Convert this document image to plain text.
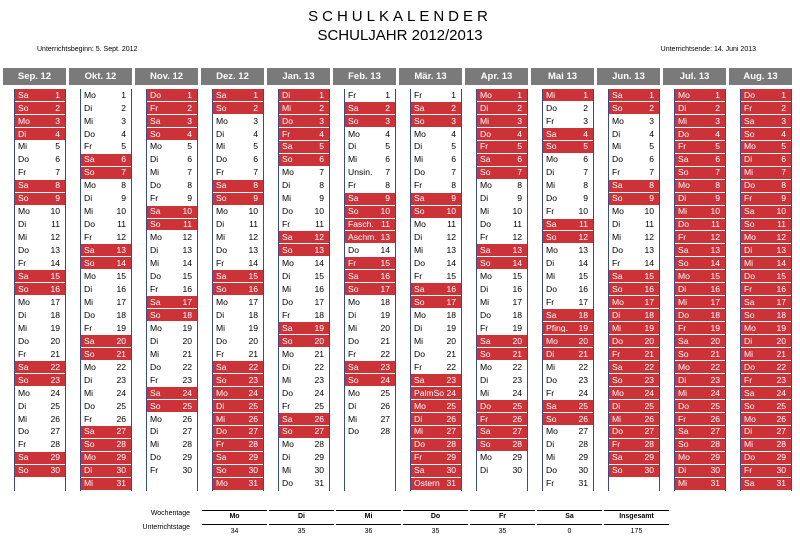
SCHULKALENDER
SCHULJAHR 2012/2013
Unterrichtsbeginn: 5. Sept. 2012	Unterrichtsende: 14. Juni 2013
Sep. 12
Sa	1
So	2
Mo	3
Di	4
Mi	5
Do	6
Fr	7
Sa	8
So	9
Mo	10
Di	11
Mi	12
Do	13
Fr	14
Sa	15
So	16
Mo	17
Di	18
Mi	19
Do	20
Fr	21
Sa	22
So	23
Mo	24
Di	25
Mi	26
Do	27
Fr	28
Sa	29
So	30
Okt. 12
Mo	1
Di	2
Mi	3
Do	4
Fr	5
Sa	6
So	7
Mo	8
Di	9
Mi	10
Do	11
Fr	12
Sa	13
So	14
Mo	15
Di	16
Mi	17
Do	18
Fr	19
Sa	20
So	21
Mo	22
Di	23
Mi	24
Do	25
Fr	26
Sa	27
So	28
Mo	29
Di	30
Mi	31
Nov. 12
Do	1
Fr	2
Sa	3
So	4
Mo	5
Di	6
Mi	7
Do	8
Fr	9
Sa	10
So	11
Mo	12
Di	13
Mi	14
Do	15
Fr	16
Sa	17
So	18
Mo	19
Di	20
Mi	21
Do	22
Fr	23
Sa	24
So	25
Mo	26
Di	27
Mi	28
Do	29
Fr	30
Dez. 12
Sa	1
So	2
Mo	3
Di	4
Mi	5
Do	6
Fr	7
Sa	8
So	9
Mo	10
Di	11
Mi	12
Do	13
Fr	14
Sa	15
So	16
Mo	17
Di	18
Mi	19
Do	20
Fr	21
Sa	22
So	23
Mo	24
Di	25
Mi	26
Do	27
Fr	28
Sa	29
So	30
Mo	31
Jan. 13
Di	1
Mi	2
Do	3
Fr	4
Sa	5
So	6
Mo	7
Di	8
Mi	9
Do	10
Fr	11
Sa	12
So	13
Mo	14
Di	15
Mi	16
Do	17
Fr	18
Sa	19
So	20
Mo	21
Di	22
Mi	23
Do	24
Fr	25
Sa	26
So	27
Mo	28
Di	29
Mi	30
Do	31
Feb. 13
Fr	1
Sa	2
So	3
Mo	4
Di	5
Mi	6
Unsin.	7
Fr	8
Sa	9
So	10
Fasch. 11
Aschm. 13
Do	14
Fr	15
Sa	16
So	17
Mo	18
Di	19
Mi	20
Do	21
Fr	22
Sa	23
So	24
Mo	25
Di	26
Mi	27
Do	28
Mär. 13
Fr	1
Sa	2
So	3
Mo	4
Di	5
Mi	6
Do	7
Fr	8
Sa	9
So	10
Mo	11
Di	12
Mi	13
Do	14
Fr	15
Sa	16
So	17
Mo	18
Di	19
Mi	20
Do	21
Fr	22
Sa	23
PalmSo 24
Mo	25
Di	26
Mi	27
Do	28
Fr	29
Sa	30
Ostern 31
Apr. 13
Mo	1
Di	2
Mi	3
Do	4
Fr	5
Sa	6
So	7
Mo	8
Di	9
Mi	10
Do	11
Fr	12
Sa	13
So	14
Mo	15
Di	16
Mi	17
Do	18
Fr	19
Sa	20
So	21
Mo	22
Di	23
Mi	24
Do	25
Fr	26
Sa	27
So	28
Mo	29
Di	30
Mai 13
Mi	1
Do	2
Fr	3
Sa	4
So	5
Mo	6
Di	7
Mi	8
Do	9
Fr	10
Sa	11
So	12
Mo	13
Di	14
Mi	15
Do	16
Fr	17
Sa	18
Pfing.	19
Mo	20
Di	21
Mi	22
Do	23
Fr	24
Sa	25
So	26
Mo	27
Di	28
Mi	29
Do	30
Fr	31
Jun. 13
Sa	1
So	2
Mo	3
Di	4
Mi	5
Do	6
Fr	7
Sa	8
So	9
Mo	10
Di	11
Mi	12
Do	13
Fr	14
Sa	15
So	16
Mo	17
Di	18
Mi	19
Do	20
Fr	21
Sa	22
So	23
Mo	24
Di	25
Mi	26
Do	27
Fr	28
Sa	29
So	30
Jul. 13
Mo	1
Di	2
Mi	3
Do	4
Fr	5
Sa	6
So	7
Mo	8
Di	9
Mi	10
Do	11
Fr	12
Sa	13
So	14
Mo	15
Di	16
Mi	17
Do	18
Fr	19
Sa	20
So	21
Mo	22
Di	23
Mi	24
Do	25
Fr	26
Sa	27
So	28
Mo	29
Di	30
Mi	31
Aug. 13
Do	1
Fr	2
Sa	3
So	4
Mo	5
Di	6
Mi	7
Do	8
Fr	9
Sa	10
So	11
Mo	12
Di	13
Mi	14
Do	15
Fr	16
Sa	17
So	18
Mo	19
Di	20
Mi	21
Do	22
Fr	23
Sa	24
So	25
Mo	26
Di	27
Mi	28
Do	29
Fr	30
Sa	31
Wochentage
Unterrichtstage
Mo
34
Di
35
Mi
36
Do
35
Fr
35
Sa
0
Insgesamt
175
